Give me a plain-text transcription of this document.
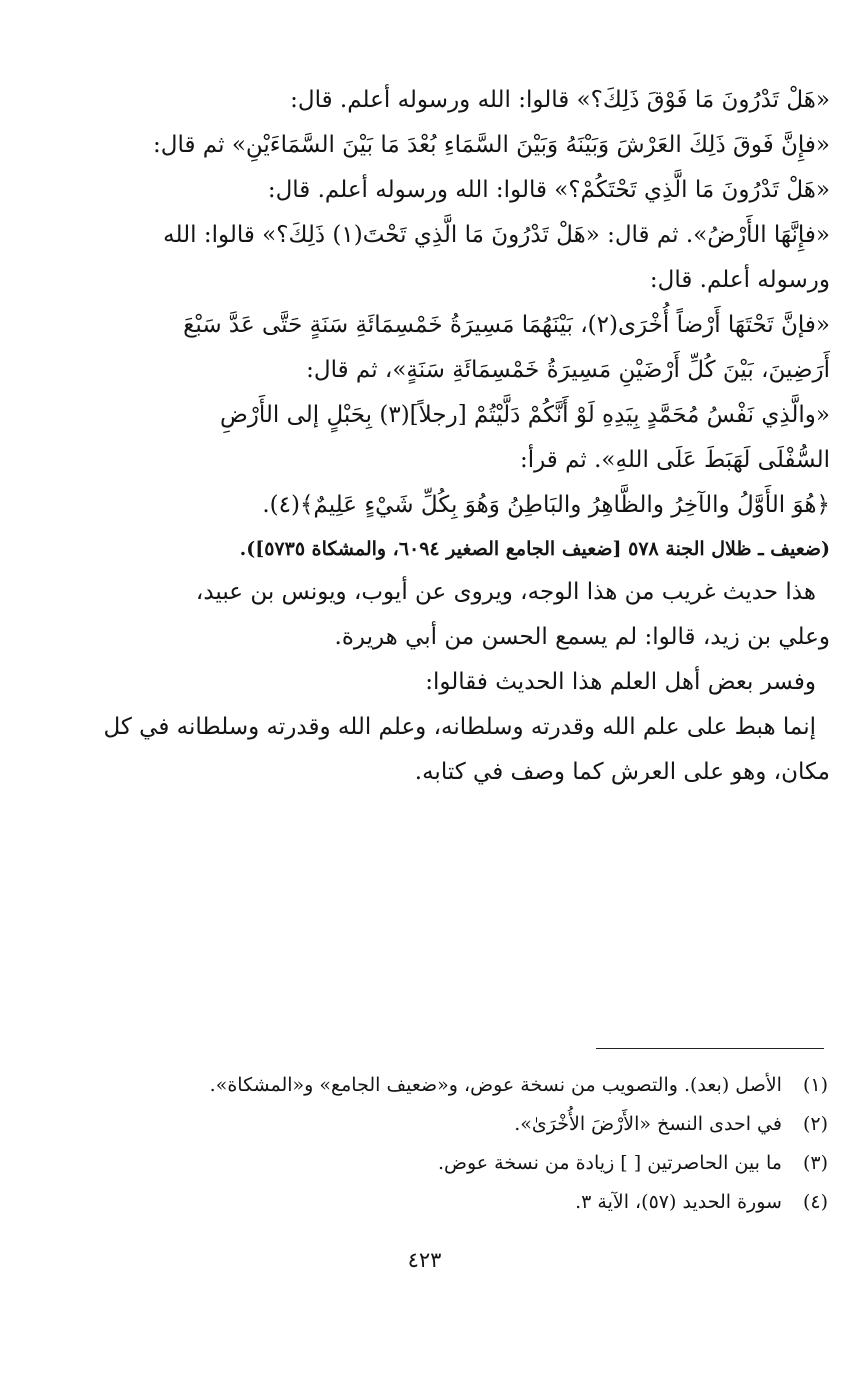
«هَلْ تَدْرُونَ مَا فَوْقَ ذَلِكَ؟» قالوا: الله ورسوله أعلم. قال:
«فإِنَّ فَوقَ ذَلِكَ العَرْشَ وَبَيْنَهُ وَبَيْنَ السَّمَاءِ بُعْدَ مَا بَيْنَ السَّمَاءَيْنِ» ثم قال:
«هَلْ تَدْرُونَ مَا الَّذِي تَحْتَكُمْ؟» قالوا: الله ورسوله أعلم. قال:
«فإِنَّهَا الأَرْضُ». ثم قال: «هَلْ تَدْرُونَ مَا الَّذِي تَحْتَ(١) ذَلِكَ؟» قالوا: الله
ورسوله أعلم. قال:
«فإنَّ تَحْتَهَا أَرْضاً أُخْرَى(٢)، بَيْنَهُمَا مَسِيرَةُ خَمْسِمَائَةِ سَنَةٍ حَتَّى عَدَّ سَبْعَ
أَرَضِينَ، بَيْنَ كُلِّ أَرْضَيْنِ مَسِيرَةُ خَمْسِمَائَةِ سَنَةٍ»، ثم قال:
«والَّذِي نَفْسُ مُحَمَّدٍ بِيَدِهِ لَوْ أَنَّكُمْ دَلَّيْتُمْ [رجلاً](٣) بِحَبْلٍ إلى الأَرْضِ
السُّفْلَى لَهَبَطَ عَلَى اللهِ». ثم قرأ:
﴿هُوَ الأَوَّلُ والآخِرُ والظَّاهِرُ والبَاطِنُ وَهُوَ بِكُلِّ شَيْءٍ عَلِيمٌ﴾(٤).
(ضعيف ـ ظلال الجنة ٥٧٨ [ضعيف الجامع الصغير ٦٠٩٤، والمشكاة ٥٧٣٥]).
هذا حديث غريب من هذا الوجه، ويروى عن أيوب، ويونس بن عبيد،
وعلي بن زيد، قالوا: لم يسمع الحسن من أبي هريرة.
وفسر بعض أهل العلم هذا الحديث فقالوا:
إنما هبط على علم الله وقدرته وسلطانه، وعلم الله وقدرته وسلطانه في كل
مكان، وهو على العرش كما وصف في كتابه.
(١) الأصل (بعد). والتصويب من نسخة عوض، و«ضعيف الجامع» و«المشكاة».
(٢) في احدى النسخ «الأَرْضَ الأُخْرَىٰ».
(٣) ما بين الحاصرتين [ ] زيادة من نسخة عوض.
(٤) سورة الحديد (٥٧)، الآية ٣.
٤٢٣
